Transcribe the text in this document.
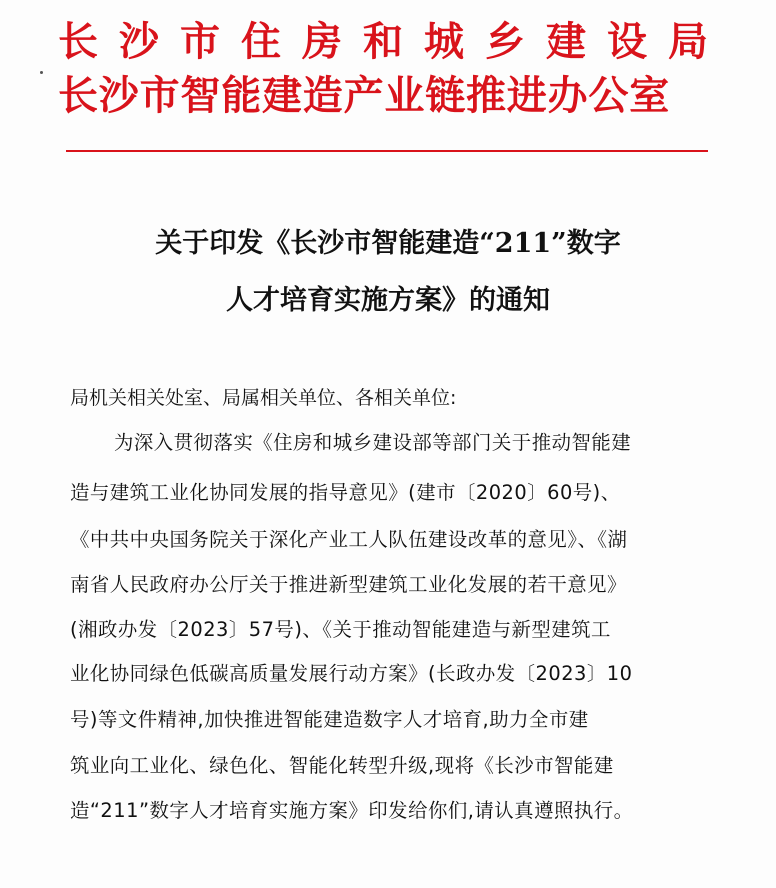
长沙市住房和城乡建设局
长沙市智能建造产业链推进办公室
关于印发《长沙市智能建造“211”数字
人才培育实施方案》的通知
局机关相关处室、局属相关单位、各相关单位:
为深入贯彻落实《住房和城乡建设部等部门关于推动智能建
造与建筑工业化协同发展的指导意见》(建市〔2020〕60号)、
《中共中央国务院关于深化产业工人队伍建设改革的意见》、《湖
南省人民政府办公厅关于推进新型建筑工业化发展的若干意见》
(湘政办发〔2023〕57号)、《关于推动智能建造与新型建筑工
业化协同绿色低碳高质量发展行动方案》(长政办发〔2023〕10
号)等文件精神,加快推进智能建造数字人才培育,助力全市建
筑业向工业化、绿色化、智能化转型升级,现将《长沙市智能建
造“211”数字人才培育实施方案》印发给你们,请认真遵照执行。
